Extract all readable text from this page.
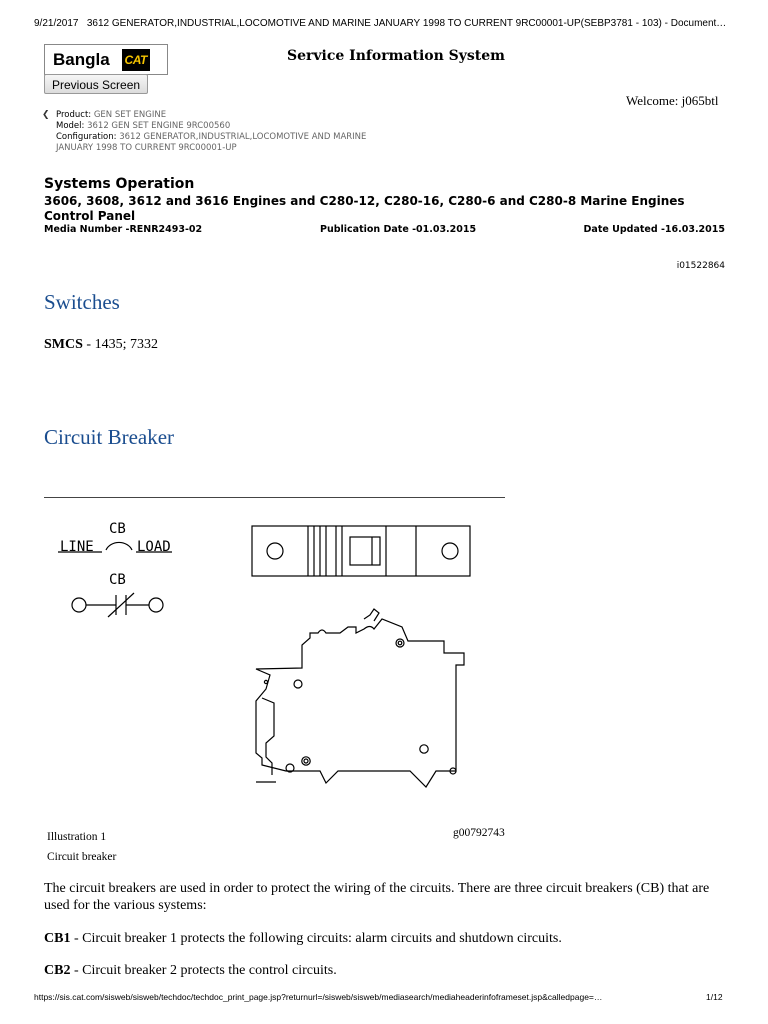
9/21/2017   3612 GENERATOR,INDUSTRIAL,LOCOMOTIVE AND MARINE JANUARY 1998 TO CURRENT 9RC00001-UP(SEBP3781 - 103) - Document…
Bangla CAT
Previous Screen
Service Information System
Welcome: j065btl
❮ Product: GEN SET ENGINE
Model: 3612 GEN SET ENGINE 9RC00560
Configuration: 3612 GENERATOR,INDUSTRIAL,LOCOMOTIVE AND MARINE
JANUARY 1998 TO CURRENT 9RC00001-UP
Systems Operation
3606, 3608, 3612 and 3616 Engines and C280-12, C280-16, C280-6 and C280-8 Marine Engines
Control Panel
Media Number -RENR2493-02	Publication Date -01.03.2015	Date Updated -16.03.2015
i01522864
Switches
SMCS - 1435; 7332
Circuit Breaker
CB
LINE	LOAD
CB
Illustration 1
Circuit breaker
g00792743
The circuit breakers are used in order to protect the wiring of the circuits. There are three circuit breakers (CB) that are used for the various systems:
CB1 - Circuit breaker 1 protects the following circuits: alarm circuits and shutdown circuits.
CB2 - Circuit breaker 2 protects the control circuits.
https://sis.cat.com/sisweb/sisweb/techdoc/techdoc_print_page.jsp?returnurl=/sisweb/sisweb/mediasearch/mediaheaderinfoframeset.jsp&calledpage=…	1/12
